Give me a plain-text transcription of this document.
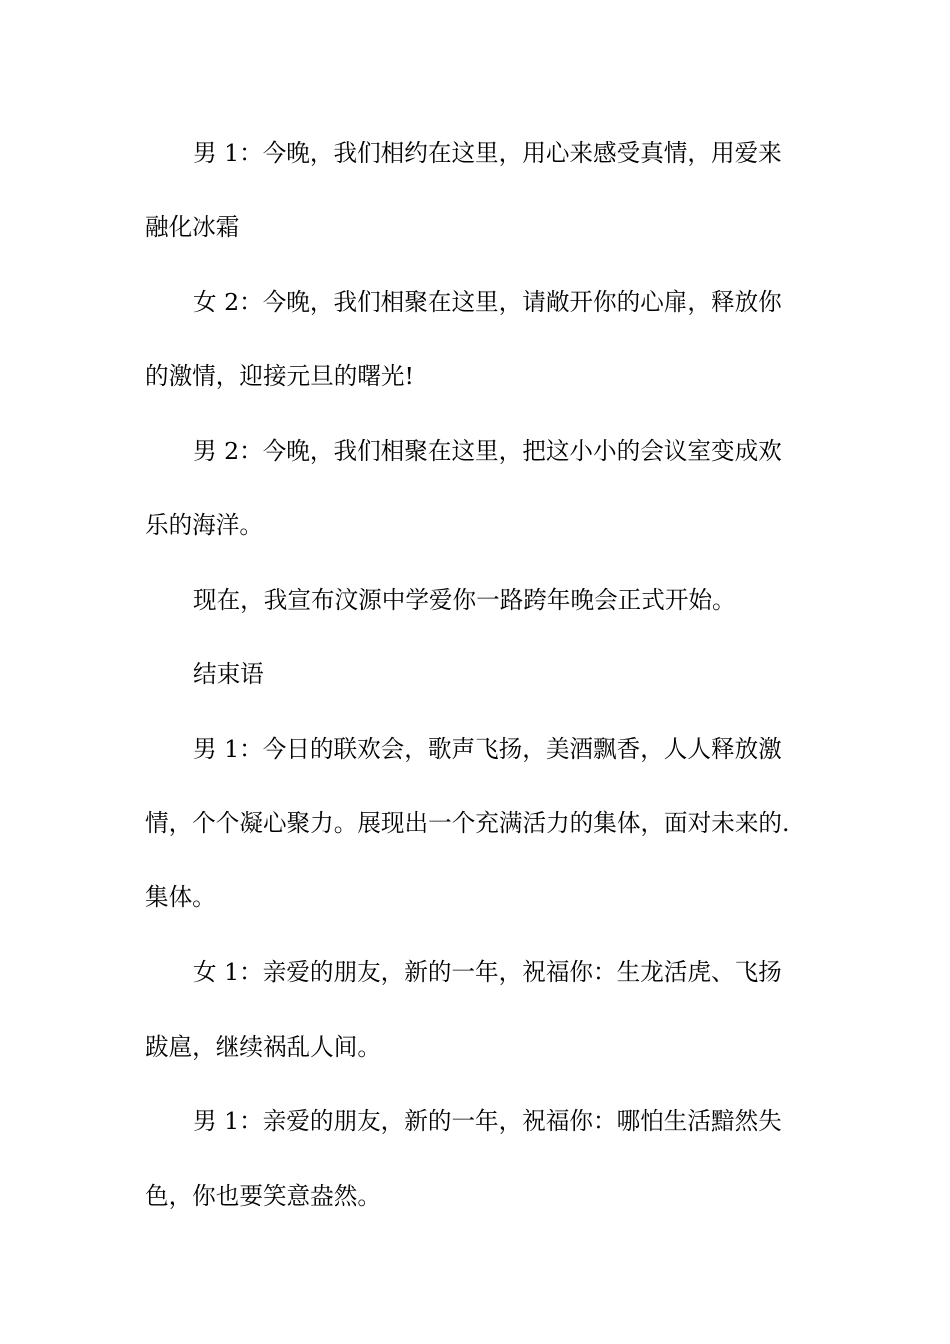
男 1：今晚，我们相约在这里，用心来感受真情，用爱来

融化冰霜

女 2：今晚，我们相聚在这里，请敞开你的心扉，释放你

的激情，迎接元旦的曙光!

男 2：今晚，我们相聚在这里，把这小小的会议室变成欢

乐的海洋。

现在，我宣布汶源中学爱你一路跨年晚会正式开始。

结束语

男 1：今日的联欢会，歌声飞扬，美酒飘香，人人释放激

情，个个凝心聚力。展现出一个充满活力的集体，面对未来的.

集体。

女 1：亲爱的朋友，新的一年，祝福你：生龙活虎、飞扬

跋扈，继续祸乱人间。

男 1：亲爱的朋友，新的一年，祝福你：哪怕生活黯然失

色，你也要笑意盎然。
